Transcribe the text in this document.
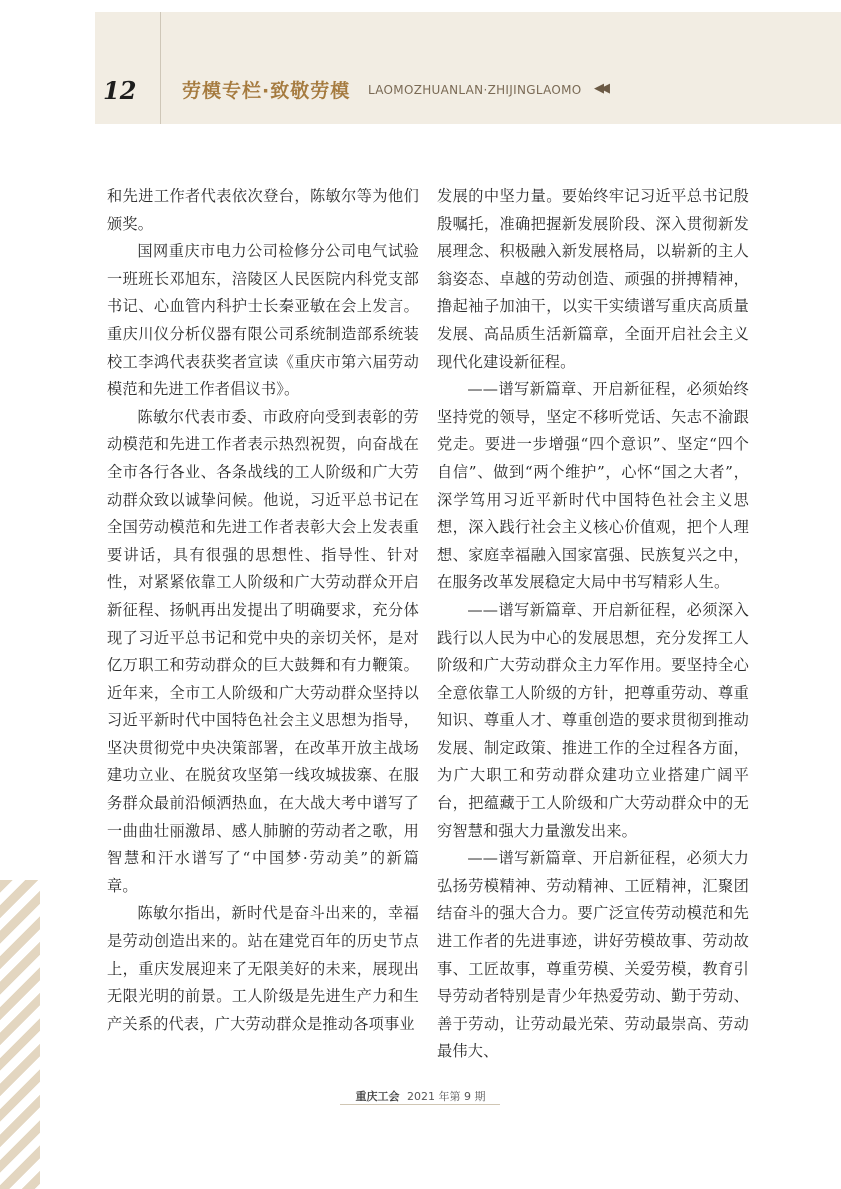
12 劳模专栏·致敬劳模 LAOMOZHUANLAN·ZHIJINGLAOMO ◀◀

和先进工作者代表依次登台，陈敏尔等为他们颁奖。

国网重庆市电力公司检修分公司电气试验一班班长邓旭东，涪陵区人民医院内科党支部书记、心血管内科护士长秦亚敏在会上发言。重庆川仪分析仪器有限公司系统制造部系统装校工李鸿代表获奖者宣读《重庆市第六届劳动模范和先进工作者倡议书》。

陈敏尔代表市委、市政府向受到表彰的劳动模范和先进工作者表示热烈祝贺，向奋战在全市各行各业、各条战线的工人阶级和广大劳动群众致以诚挚问候。他说，习近平总书记在全国劳动模范和先进工作者表彰大会上发表重要讲话，具有很强的思想性、指导性、针对性，对紧紧依靠工人阶级和广大劳动群众开启新征程、扬帆再出发提出了明确要求，充分体现了习近平总书记和党中央的亲切关怀，是对亿万职工和劳动群众的巨大鼓舞和有力鞭策。近年来，全市工人阶级和广大劳动群众坚持以习近平新时代中国特色社会主义思想为指导，坚决贯彻党中央决策部署，在改革开放主战场建功立业、在脱贫攻坚第一线攻城拔寨、在服务群众最前沿倾洒热血，在大战大考中谱写了一曲曲壮丽激昂、感人肺腑的劳动者之歌，用智慧和汗水谱写了“中国梦·劳动美”的新篇章。

陈敏尔指出，新时代是奋斗出来的，幸福是劳动创造出来的。站在建党百年的历史节点上，重庆发展迎来了无限美好的未来，展现出无限光明的前景。工人阶级是先进生产力和生产关系的代表，广大劳动群众是推动各项事业

发展的中坚力量。要始终牢记习近平总书记殷殷嘱托，准确把握新发展阶段、深入贯彻新发展理念、积极融入新发展格局，以崭新的主人翁姿态、卓越的劳动创造、顽强的拼搏精神，撸起袖子加油干，以实干实绩谱写重庆高质量发展、高品质生活新篇章，全面开启社会主义现代化建设新征程。

——谱写新篇章、开启新征程，必须始终坚持党的领导，坚定不移听党话、矢志不渝跟党走。要进一步增强“四个意识”、坚定“四个自信”、做到“两个维护”，心怀“国之大者”，深学笃用习近平新时代中国特色社会主义思想，深入践行社会主义核心价值观，把个人理想、家庭幸福融入国家富强、民族复兴之中，在服务改革发展稳定大局中书写精彩人生。

——谱写新篇章、开启新征程，必须深入践行以人民为中心的发展思想，充分发挥工人阶级和广大劳动群众主力军作用。要坚持全心全意依靠工人阶级的方针，把尊重劳动、尊重知识、尊重人才、尊重创造的要求贯彻到推动发展、制定政策、推进工作的全过程各方面，为广大职工和劳动群众建功立业搭建广阔平台，把蕴藏于工人阶级和广大劳动群众中的无穷智慧和强大力量激发出来。

——谱写新篇章、开启新征程，必须大力弘扬劳模精神、劳动精神、工匠精神，汇聚团结奋斗的强大合力。要广泛宣传劳动模范和先进工作者的先进事迹，讲好劳模故事、劳动故事、工匠故事，尊重劳模、关爱劳模，教育引导劳动者特别是青少年热爱劳动、勤于劳动、善于劳动，让劳动最光荣、劳动最崇高、劳动最伟大、

重庆工会 2021 年第 9 期
